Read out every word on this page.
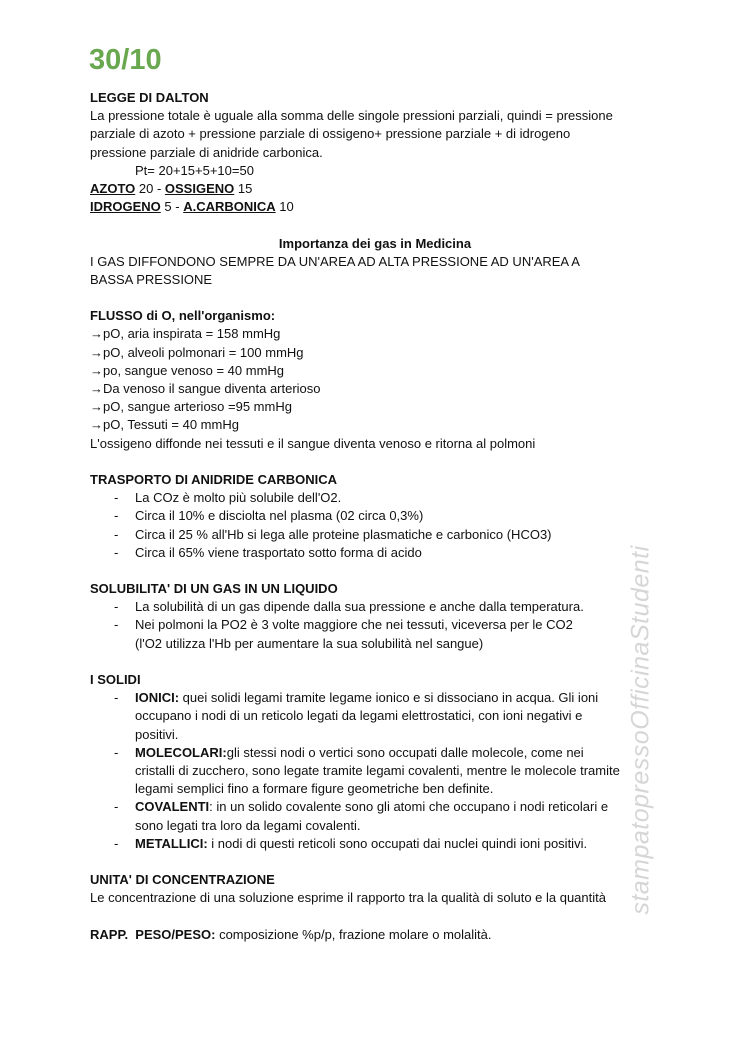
30/10
LEGGE DI DALTON
La pressione totale è uguale alla somma delle singole pressioni parziali, quindi = pressione
parziale di azoto + pressione parziale di ossigeno+ pressione parziale + di idrogeno
pressione parziale di anidride carbonica.
Pt= 20+15+5+10=50
AZOTO 20 - OSSIGENO 15
IDROGENO 5 - A.CARBONICA 10
Importanza dei gas in Medicina
I GAS DIFFONDONO SEMPRE DA UN'AREA AD ALTA PRESSIONE AD UN'AREA A
BASSA PRESSIONE
FLUSSO di O, nell'organismo:
→pO, aria inspirata = 158 mmHg
→pO, alveoli polmonari = 100 mmHg
→po, sangue venoso = 40 mmHg
→Da venoso il sangue diventa arterioso
→pO, sangue arterioso =95 mmHg
→pO, Tessuti = 40 mmHg
L'ossigeno diffonde nei tessuti e il sangue diventa venoso e ritorna al polmoni
TRASPORTO DI ANIDRIDE CARBONICA
- La COz è molto più solubile dell'O2.
- Circa il 10% e disciolta nel plasma (02 circa 0,3%)
- Circa il 25 % all'Hb si lega alle proteine plasmatiche e carbonico (HCO3)
- Circa il 65% viene trasportato sotto forma di acido
SOLUBILITA' DI UN GAS IN UN LIQUIDO
- La solubilità di un gas dipende dalla sua pressione e anche dalla temperatura.
- Nei polmoni la PO2 è 3 volte maggiore che nei tessuti, viceversa per le CO2
(l'O2 utilizza l'Hb per aumentare la sua solubilità nel sangue)
I SOLIDI
- IONICI: quei solidi legami tramite legame ionico e si dissociano in acqua. Gli ioni
occupano i nodi di un reticolo legati da legami elettrostatici, con ioni negativi e
positivi.
- MOLECOLARI:gli stessi nodi o vertici sono occupati dalle molecole, come nei
cristalli di zucchero, sono legate tramite legami covalenti, mentre le molecole tramite
legami semplici fino a formare figure geometriche ben definite.
- COVALENTI: in un solido covalente sono gli atomi che occupano i nodi reticolari e
sono legati tra loro da legami covalenti.
- METALLICI: i nodi di questi reticoli sono occupati dai nuclei quindi ioni positivi.
UNITA' DI CONCENTRAZIONE
Le concentrazione di una soluzione esprime il rapporto tra la qualità di soluto e la quantità
RAPP.  PESO/PESO: composizione %p/p, frazione molare o molalità.
stampatopressoOfficinaStudenti
